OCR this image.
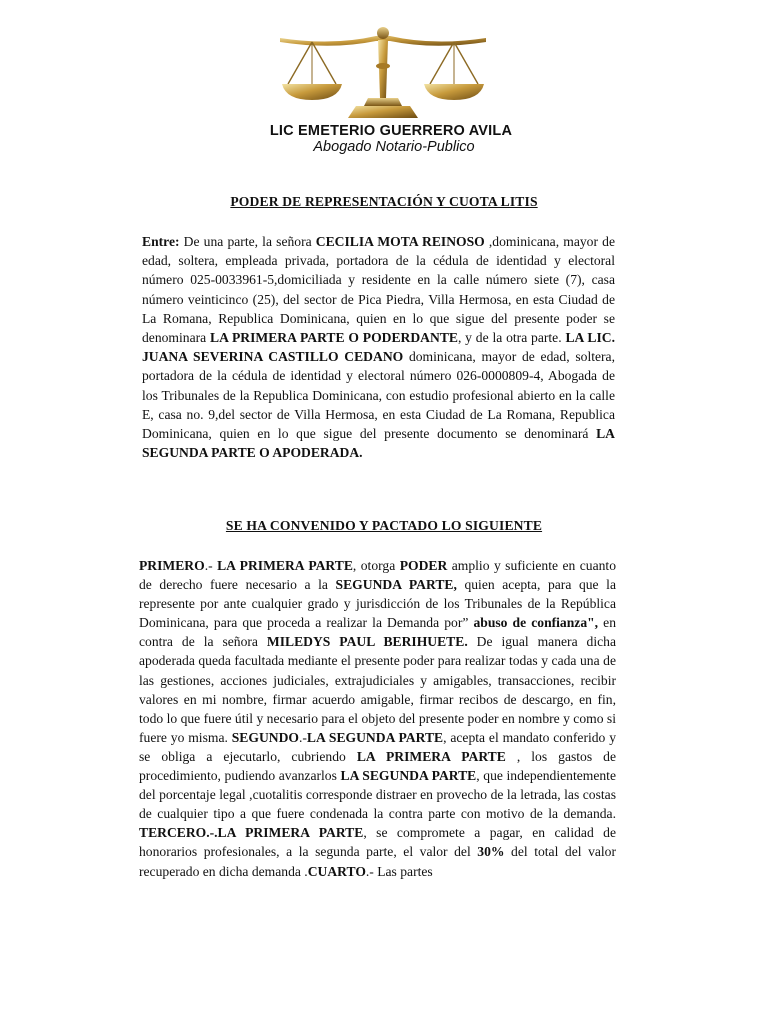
LIC EMETERIO GUERRERO AVILA
Abogado Notario-Publico
PODER DE REPRESENTACIÓN Y CUOTA LITIS
Entre: De una parte, la señora CECILIA MOTA REINOSO ,dominicana, mayor de edad, soltera, empleada privada, portadora de la cédula de identidad y electoral número 025-0033961-5,domiciliada y residente en la calle número siete (7), casa número veinticinco (25), del sector de Pica Piedra, Villa Hermosa, en esta Ciudad de La Romana, Republica Dominicana, quien en lo que sigue del presente poder se denominara LA PRIMERA PARTE O PODERDANTE, y de la otra parte. LA LIC. JUANA SEVERINA CASTILLO CEDANO dominicana, mayor de edad, soltera, portadora de la cédula de identidad y electoral número 026-0000809-4, Abogada de los Tribunales de la Republica Dominicana, con estudio profesional abierto en la calle E, casa no. 9,del sector de Villa Hermosa, en esta Ciudad de La Romana, Republica Dominicana, quien en lo que sigue del presente documento se denominará LA SEGUNDA PARTE O APODERADA.
SE HA CONVENIDO Y PACTADO LO SIGUIENTE
PRIMERO.- LA PRIMERA PARTE, otorga PODER amplio y suficiente en cuanto de derecho fuere necesario a la SEGUNDA PARTE, quien acepta, para que la represente por ante cualquier grado y jurisdicción de los Tribunales de la República Dominicana, para que proceda a realizar la Demanda por” abuso de confianza", en contra de la señora MILEDYS PAUL BERIHUETE. De igual manera dicha apoderada queda facultada mediante el presente poder para realizar todas y cada una de las gestiones, acciones judiciales, extrajudiciales y amigables, transacciones, recibir valores en mi nombre, firmar acuerdo amigable, firmar recibos de descargo, en fin, todo lo que fuere útil y necesario para el objeto del presente poder en nombre y como si fuere yo misma. SEGUNDO.-LA SEGUNDA PARTE, acepta el mandato conferido y se obliga a ejecutarlo, cubriendo LA PRIMERA PARTE , los gastos de procedimiento, pudiendo avanzarlos LA SEGUNDA PARTE, que independientemente del porcentaje legal ,cuotalitis corresponde distraer en provecho de la letrada, las costas de cualquier tipo a que fuere condenada la contra parte con motivo de la demanda. TERCERO.-.LA PRIMERA PARTE, se compromete a pagar, en calidad de honorarios profesionales, a la segunda parte, el valor del 30% del total del valor recuperado en dicha demanda .CUARTO.- Las partes
